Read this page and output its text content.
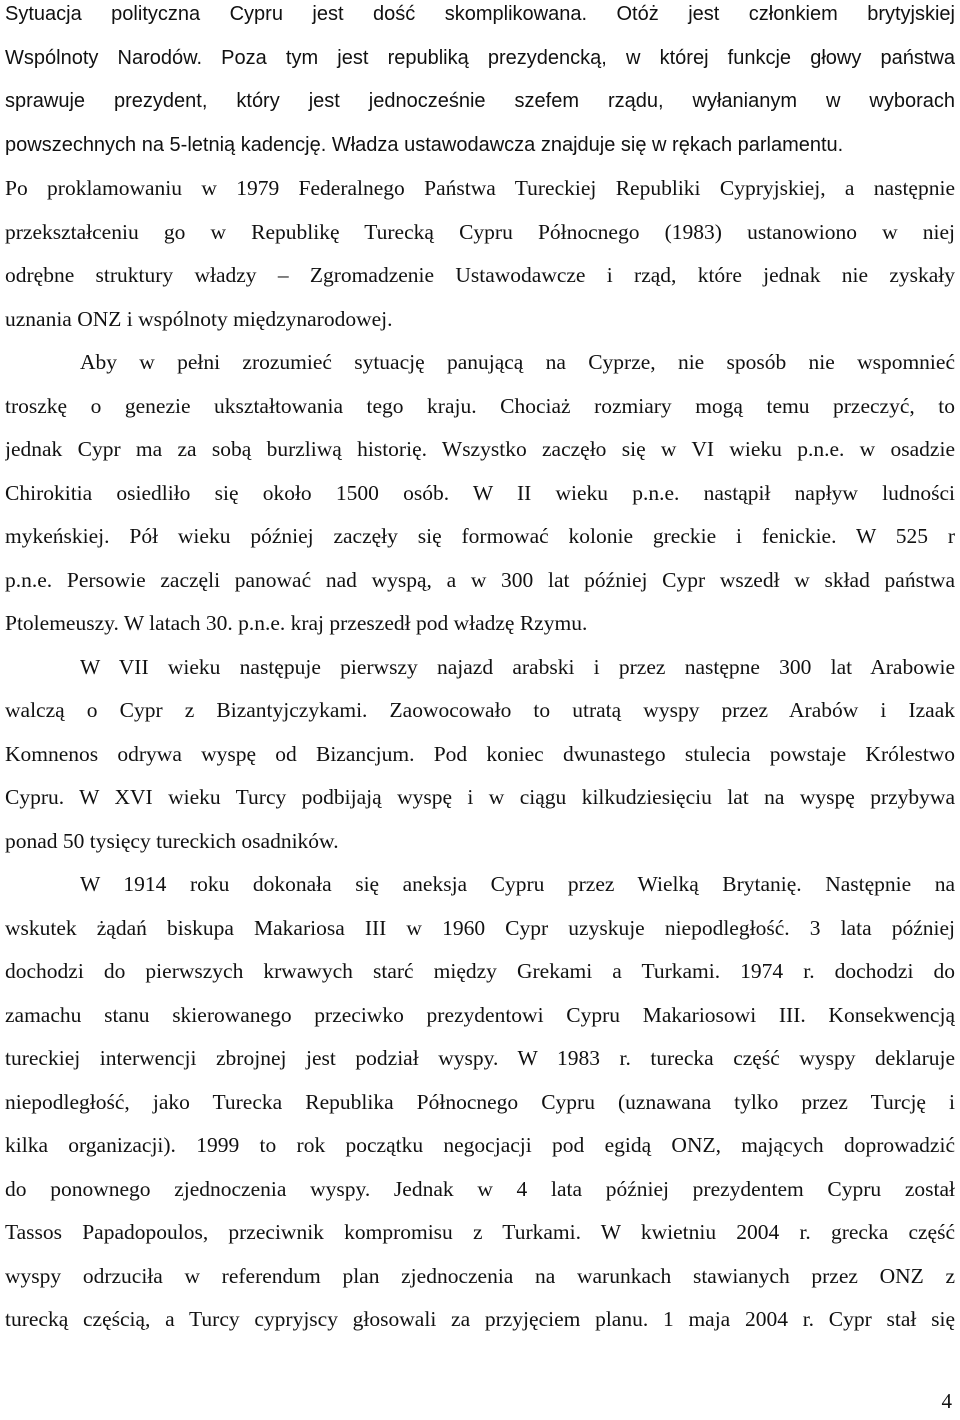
Sytuacja polityczna Cypru jest dość skomplikowana. Otóż jest członkiem brytyjskiej
Wspólnoty Narodów. Poza tym jest republiką prezydencką, w której funkcje głowy państwa
sprawuje prezydent, który jest jednocześnie szefem rządu, wyłanianym w wyborach
powszechnych na 5-letnią kadencję. Władza ustawodawcza znajduje się w rękach parlamentu.
Po proklamowaniu w 1979 Federalnego Państwa Tureckiej Republiki Cypryjskiej, a następnie
przekształceniu go w Republikę Turecką Cypru Północnego (1983) ustanowiono w niej
odrębne struktury władzy – Zgromadzenie Ustawodawcze i rząd, które jednak nie zyskały
uznania ONZ i wspólnoty międzynarodowej.
Aby w pełni zrozumieć sytuację panującą na Cyprze, nie sposób nie wspomnieć
troszkę o genezie ukształtowania tego kraju. Chociaż rozmiary mogą temu przeczyć, to
jednak Cypr ma za sobą burzliwą historię. Wszystko zaczęło się w VI wieku p.n.e. w osadzie
Chirokitia osiedliło się około 1500 osób. W II wieku p.n.e. nastąpił napływ ludności
mykeńskiej. Pół wieku później zaczęły się formować kolonie greckie i fenickie. W 525 r
p.n.e. Persowie zaczęli panować nad wyspą, a w 300 lat później Cypr wszedł w skład państwa
Ptolemeuszy. W latach 30. p.n.e. kraj przeszedł pod władzę Rzymu.
W VII wieku następuje pierwszy najazd arabski i przez następne 300 lat Arabowie
walczą o Cypr z Bizantyjczykami. Zaowocowało to utratą wyspy przez Arabów i Izaak
Komnenos odrywa wyspę od Bizancjum. Pod koniec dwunastego stulecia powstaje Królestwo
Cypru. W XVI wieku Turcy podbijają wyspę i w ciągu kilkudziesięciu lat na wyspę przybywa
ponad 50 tysięcy tureckich osadników.
W 1914 roku dokonała się aneksja Cypru przez Wielką Brytanię. Następnie na
wskutek żądań biskupa Makariosa III w 1960 Cypr uzyskuje niepodległość. 3 lata później
dochodzi do pierwszych krwawych starć między Grekami a Turkami. 1974 r. dochodzi do
zamachu stanu skierowanego przeciwko prezydentowi Cypru Makariosowi III. Konsekwencją
tureckiej interwencji zbrojnej jest podział wyspy. W 1983 r. turecka część wyspy deklaruje
niepodległość, jako Turecka Republika Północnego Cypru (uznawana tylko przez Turcję i
kilka organizacji). 1999 to rok początku negocjacji pod egidą ONZ, mających doprowadzić
do ponownego zjednoczenia wyspy. Jednak w 4 lata później prezydentem Cypru został
Tassos Papadopoulos, przeciwnik kompromisu z Turkami. W kwietniu 2004 r. grecka część
wyspy odrzuciła w referendum plan zjednoczenia na warunkach stawianych przez ONZ z
turecką częścią, a Turcy cypryjscy głosowali za przyjęciem planu. 1 maja 2004 r. Cypr stał się
4
